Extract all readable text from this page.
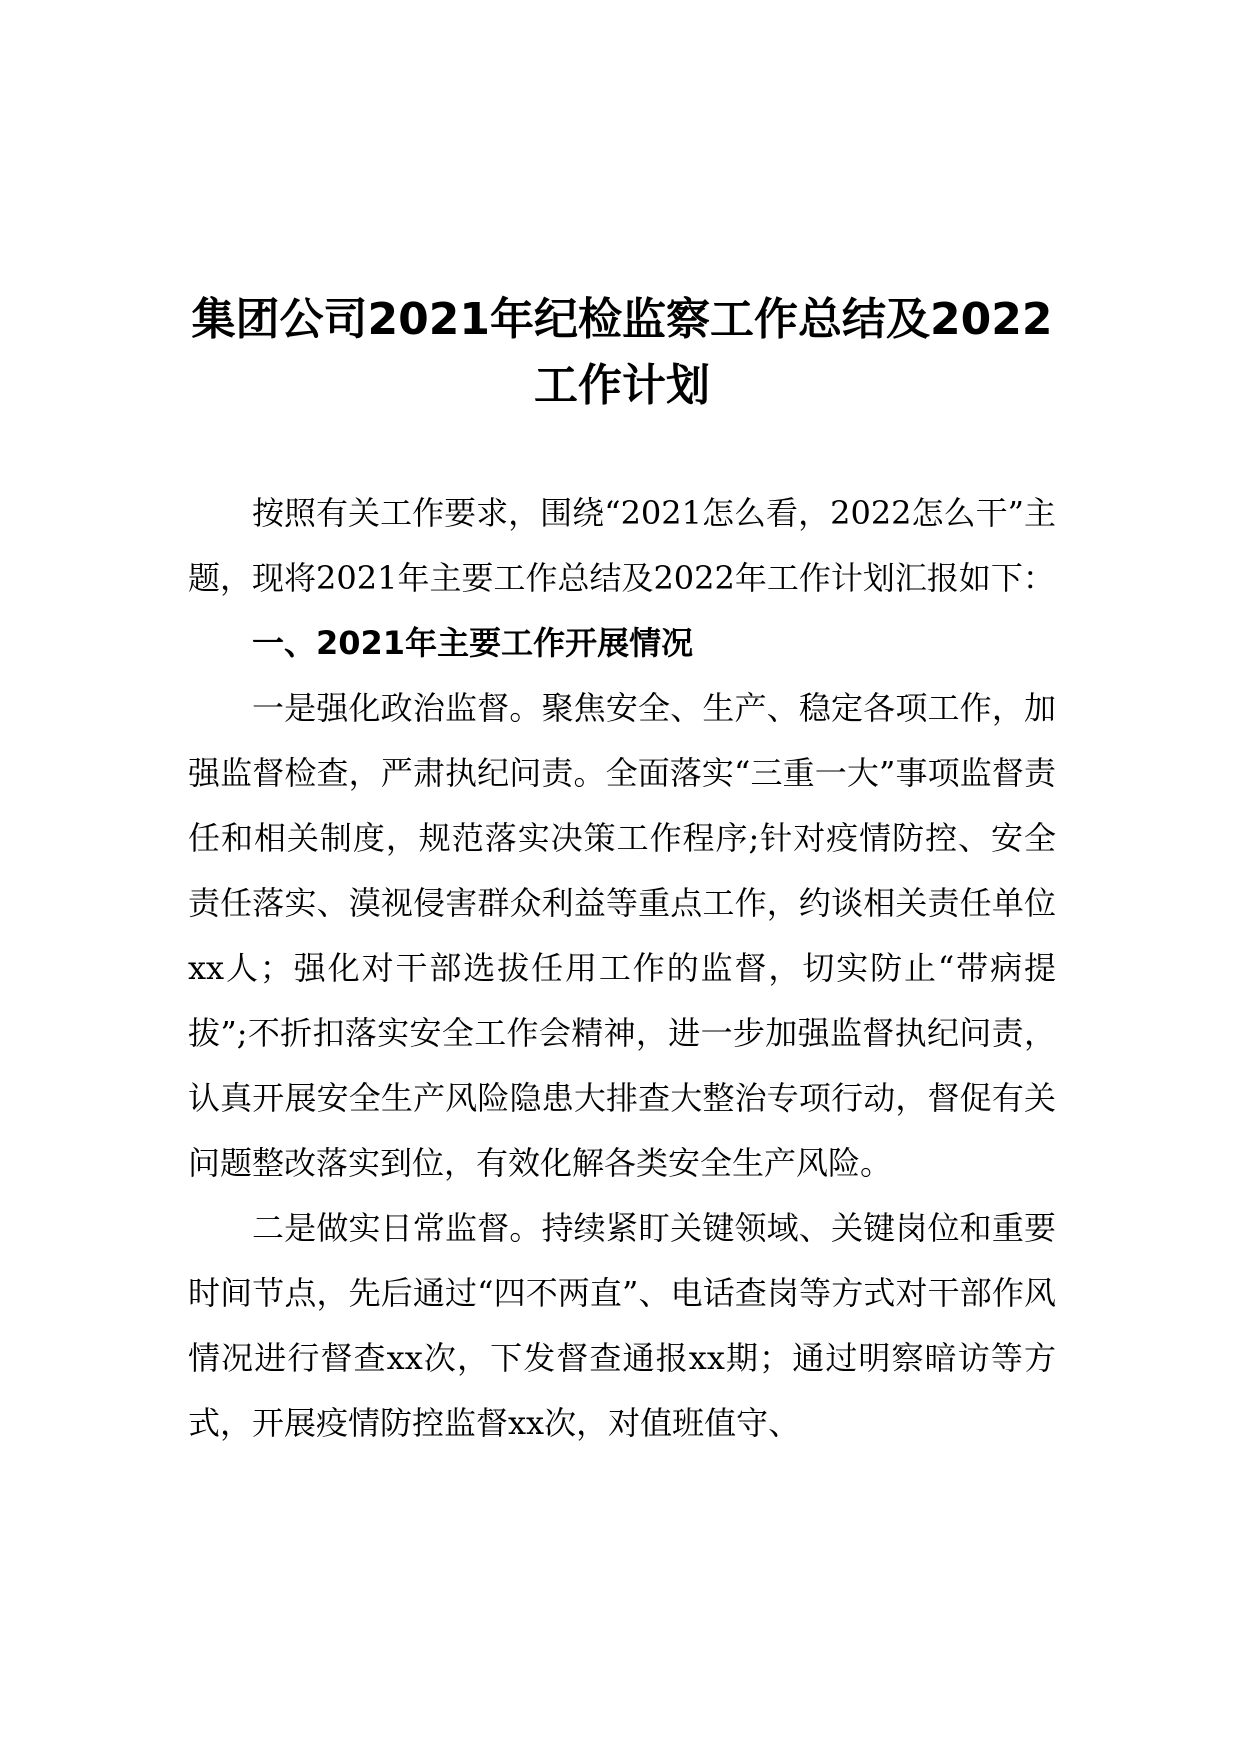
集团公司2021年纪检监察工作总结及2022
工作计划

按照有关工作要求，围绕“2021怎么看，2022怎么干”主题，现将2021年主要工作总结及2022年工作计划汇报如下：

一、2021年主要工作开展情况

一是强化政治监督。聚焦安全、生产、稳定各项工作，加强监督检查，严肃执纪问责。全面落实“三重一大”事项监督责任和相关制度，规范落实决策工作程序;针对疫情防控、安全责任落实、漠视侵害群众利益等重点工作，约谈相关责任单位xx人；强化对干部选拔任用工作的监督，切实防止“带病提拔”;不折扣落实安全工作会精神，进一步加强监督执纪问责，认真开展安全生产风险隐患大排查大整治专项行动，督促有关问题整改落实到位，有效化解各类安全生产风险。

二是做实日常监督。持续紧盯关键领域、关键岗位和重要时间节点，先后通过“四不两直”、电话查岗等方式对干部作风情况进行督查xx次，下发督查通报xx期；通过明察暗访等方式，开展疫情防控监督xx次，对值班值守、
